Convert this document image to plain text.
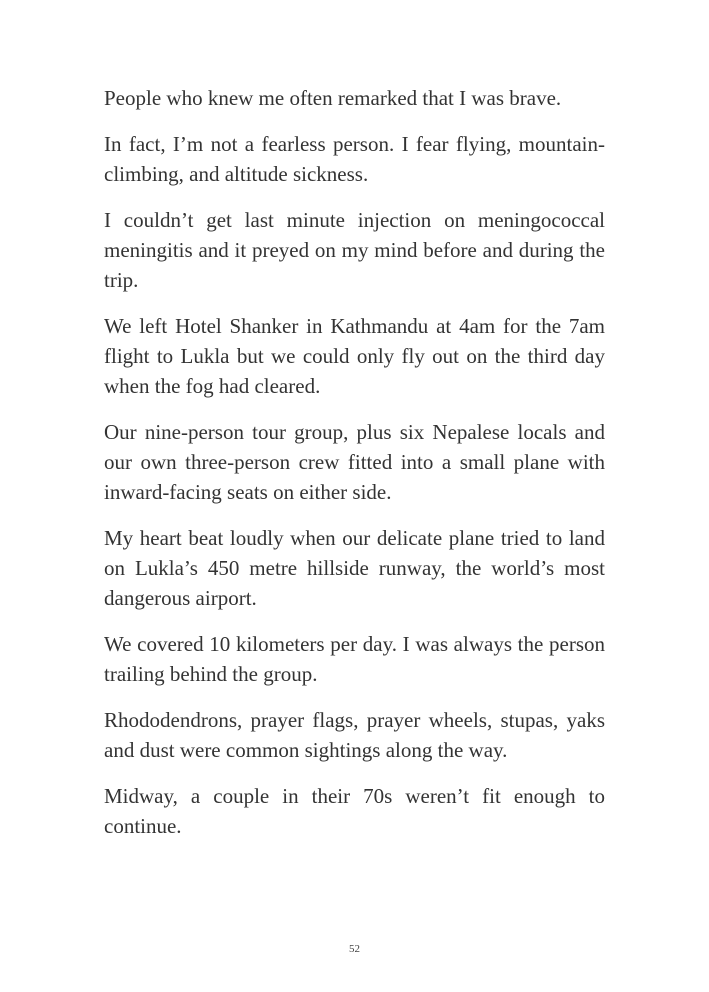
People who knew me often remarked that I was brave.

In fact, I’m not a fearless person. I fear flying, mountain-climbing, and altitude sickness.

I couldn’t get last minute injection on meningococcal meningitis and it preyed on my mind before and during the trip.

We left Hotel Shanker in Kathmandu at 4am for the 7am flight to Lukla but we could only fly out on the third day when the fog had cleared.

Our nine-person tour group, plus six Nepalese locals and our own three-person crew fitted into a small plane with inward-facing seats on either side.

My heart beat loudly when our delicate plane tried to land on Lukla’s 450 metre hillside runway, the world’s most dangerous airport.

We covered 10 kilometers per day. I was always the person trailing behind the group.

Rhododendrons, prayer flags, prayer wheels, stupas, yaks and dust were common sightings along the way.

Midway, a couple in their 70s weren’t fit enough to continue.

52
